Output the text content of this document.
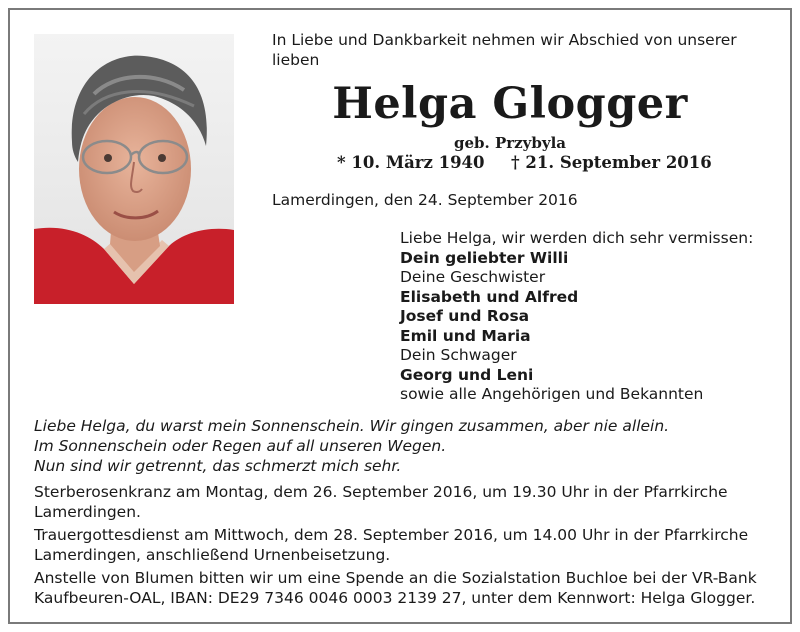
In Liebe und Dankbarkeit nehmen wir Abschied von unserer
lieben
Helga Glogger
geb. Przybyla
* 10. März 1940 † 21. September 2016
Lamerdingen, den 24. September 2016
Liebe Helga, wir werden dich sehr vermissen:
Dein geliebter Willi
Deine Geschwister
Elisabeth und Alfred
Josef und Rosa
Emil und Maria
Dein Schwager
Georg und Leni
sowie alle Angehörigen und Bekannten
Liebe Helga, du warst mein Sonnenschein. Wir gingen zusammen, aber nie allein.
Im Sonnenschein oder Regen auf all unseren Wegen.
Nun sind wir getrennt, das schmerzt mich sehr.
Sterberosenkranz am Montag, dem 26. September 2016, um 19.30 Uhr in der Pfarrkirche
Lamerdingen.
Trauergottesdienst am Mittwoch, dem 28. September 2016, um 14.00 Uhr in der Pfarrkirche
Lamerdingen, anschließend Urnenbeisetzung.
Anstelle von Blumen bitten wir um eine Spende an die Sozialstation Buchloe bei der VR-Bank
Kaufbeuren-OAL, IBAN: DE29 7346 0046 0003 2139 27, unter dem Kennwort: Helga Glogger.
